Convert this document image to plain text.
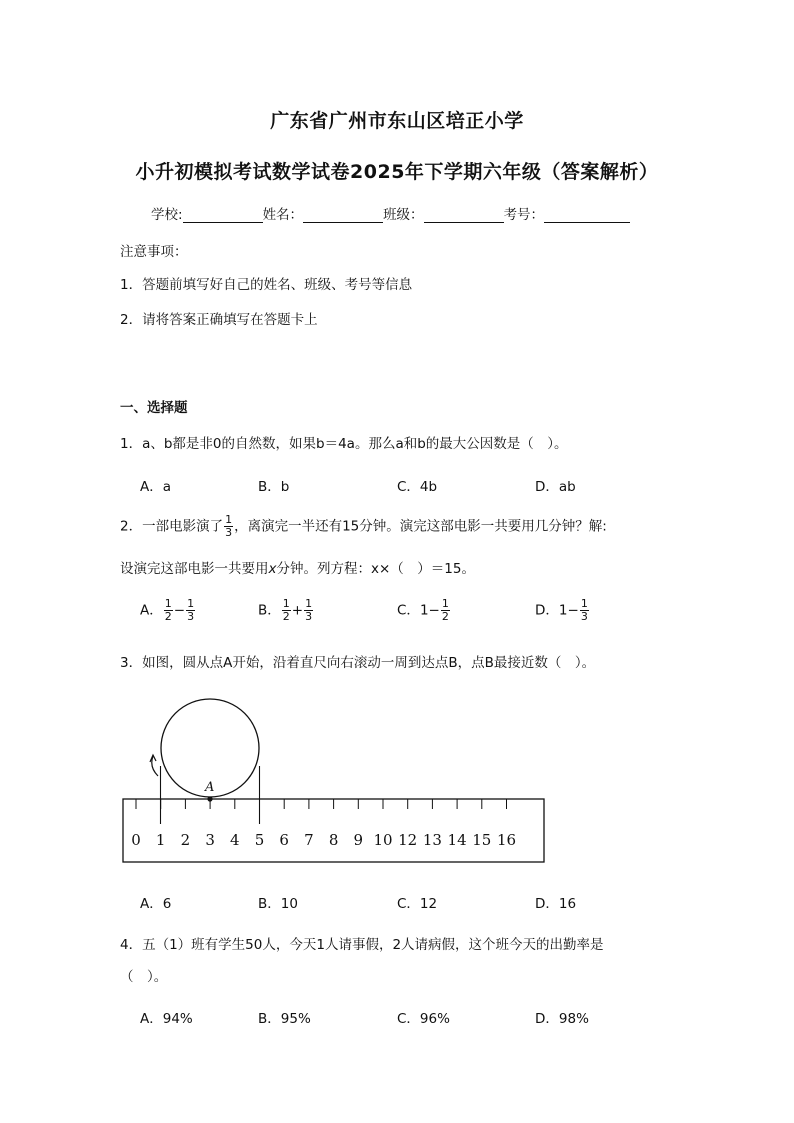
广东省广州市东山区培正小学
小升初模拟考试数学试卷2025年下学期六年级（答案解析）
学校:	姓名：	班级：	考号：
注意事项：
1．答题前填写好自己的姓名、班级、考号等信息
2．请将答案正确填写在答题卡上
一、选择题
1．a、b都是非0的自然数，如果b＝4a。那么a和b的最大公因数是（　）。
A．a	B．b	C．4b	D．ab
2．一部电影演了 $\frac{1}{3}$ ，离演完一半还有15分钟。演完这部电影一共要用几分钟？解:
设演完这部电影一共要用x分钟。列方程：x×（　）＝15。
A． $\frac{1}{2} - \frac{1}{3}$	B． $\frac{1}{2} + \frac{1}{3}$	C．$1- \frac{1}{2}$	D．$1- \frac{1}{3}$
3．如图，圆从点A开始，沿着直尺向右滚动一周到达点B，点B最接近数（　）。
A
0 1 2 3 4 5 6 7 8 9 10 12 13 14 15 16
A．6	B．10	C．12	D．16
4．五（1）班有学生50人，今天1人请事假，2人请病假，这个班今天的出勤率是
（　）。
A．94%	B．95%	C．96%	D．98%
